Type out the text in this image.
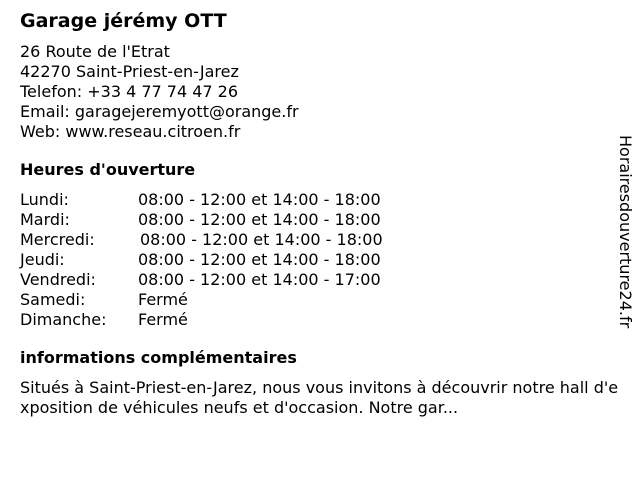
Garage jérémy OTT
26 Route de l'Etrat
42270 Saint-Priest-en-Jarez
Telefon: +33 4 77 74 47 26
Email: garagejeremyott@orange.fr
Web: www.reseau.citroen.fr
Heures d'ouverture
Lundi:	08:00 - 12:00 et 14:00 - 18:00
Mardi:	08:00 - 12:00 et 14:00 - 18:00
Mercredi:	08:00 - 12:00 et 14:00 - 18:00
Jeudi:	08:00 - 12:00 et 14:00 - 18:00
Vendredi:	08:00 - 12:00 et 14:00 - 17:00
Samedi:	Fermé
Dimanche:	Fermé
informations complémentaires
Situés à Saint-Priest-en-Jarez, nous vous invitons à découvrir notre hall d'exposition de véhicules neufs et d'occasion. Notre gar...
Horairesdouverture24.fr
